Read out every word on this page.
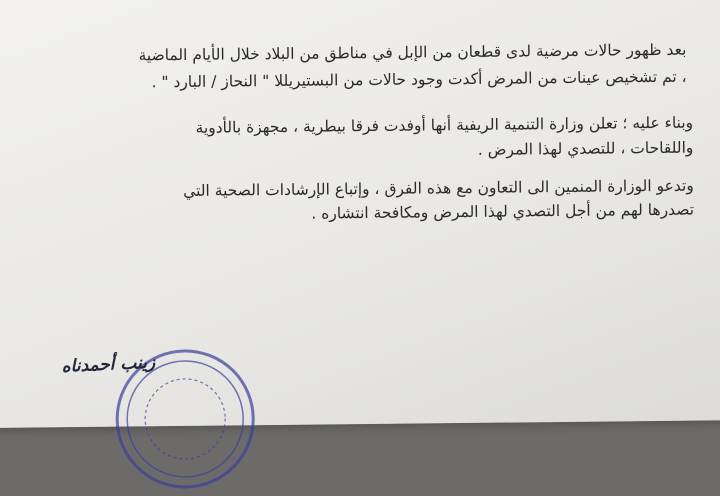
بعد ظهور حالات مرضية لدى قطعان من الإبل في مناطق من البلاد خلال الأيام الماضية
، تم تشخيص عينات من المرض أكدت وجود حالات من البستيريللا " النحاز / البارد " .
وبناء عليه ؛ تعلن وزارة التنمية الريفية أنها أوفدت فرقا بيطرية ، مجهزة بالأدوية
واللقاحات ، للتصدي لهذا المرض .
وتدعو الوزارة المنمين الى التعاون مع هذه الفرق ، وإتباع الإرشادات الصحية التي
تصدرها لهم من أجل التصدي لهذا المرض ومكافحة انتشاره .
زينب أحمدناه
